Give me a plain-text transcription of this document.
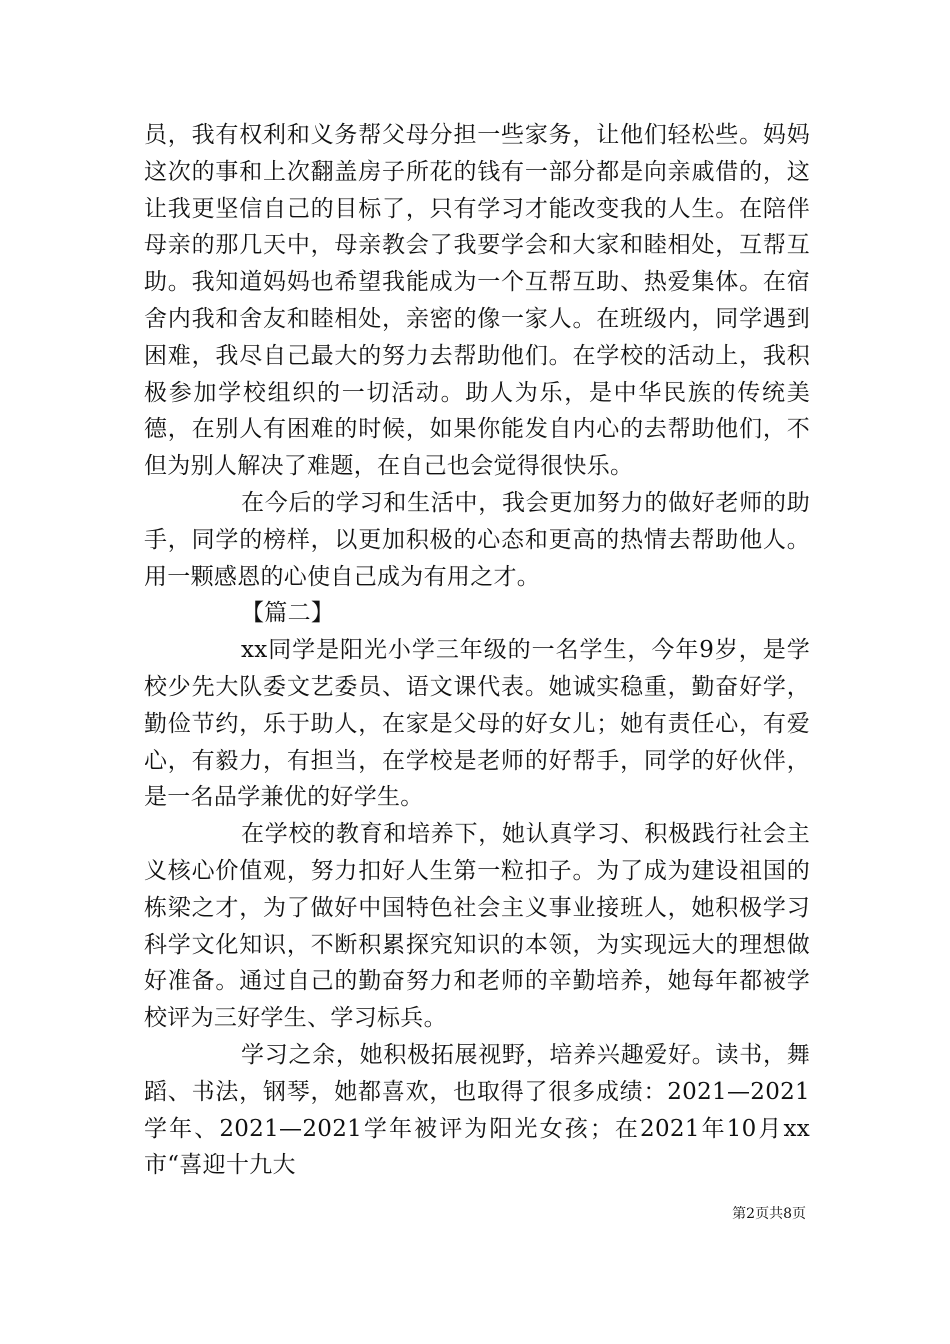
员，我有权利和义务帮父母分担一些家务，让他们轻松些。妈妈这次的事和上次翻盖房子所花的钱有一部分都是向亲戚借的，这让我更坚信自己的目标了，只有学习才能改变我的人生。在陪伴母亲的那几天中，母亲教会了我要学会和大家和睦相处，互帮互助。我知道妈妈也希望我能成为一个互帮互助、热爱集体。在宿舍内我和舍友和睦相处，亲密的像一家人。在班级内，同学遇到困难，我尽自己最大的努力去帮助他们。在学校的活动上，我积极参加学校组织的一切活动。助人为乐，是中华民族的传统美德，在别人有困难的时候，如果你能发自内心的去帮助他们，不但为别人解决了难题，在自己也会觉得很快乐。

在今后的学习和生活中，我会更加努力的做好老师的助手，同学的榜样，以更加积极的心态和更高的热情去帮助他人。用一颗感恩的心使自己成为有用之才。

【篇二】

xx同学是阳光小学三年级的一名学生，今年9岁，是学校少先大队委文艺委员、语文课代表。她诚实稳重，勤奋好学，勤俭节约，乐于助人，在家是父母的好女儿；她有责任心，有爱心，有毅力，有担当，在学校是老师的好帮手，同学的好伙伴，是一名品学兼优的好学生。

在学校的教育和培养下，她认真学习、积极践行社会主义核心价值观，努力扣好人生第一粒扣子。为了成为建设祖国的栋梁之才，为了做好中国特色社会主义事业接班人，她积极学习科学文化知识，不断积累探究知识的本领，为实现远大的理想做好准备。通过自己的勤奋努力和老师的辛勤培养，她每年都被学校评为三好学生、学习标兵。

学习之余，她积极拓展视野，培养兴趣爱好。读书，舞蹈、书法，钢琴，她都喜欢，也取得了很多成绩：2021—2021学年、2021—2021学年被评为阳光女孩；在2021年10月xx市“喜迎十九大

第2页共8页
